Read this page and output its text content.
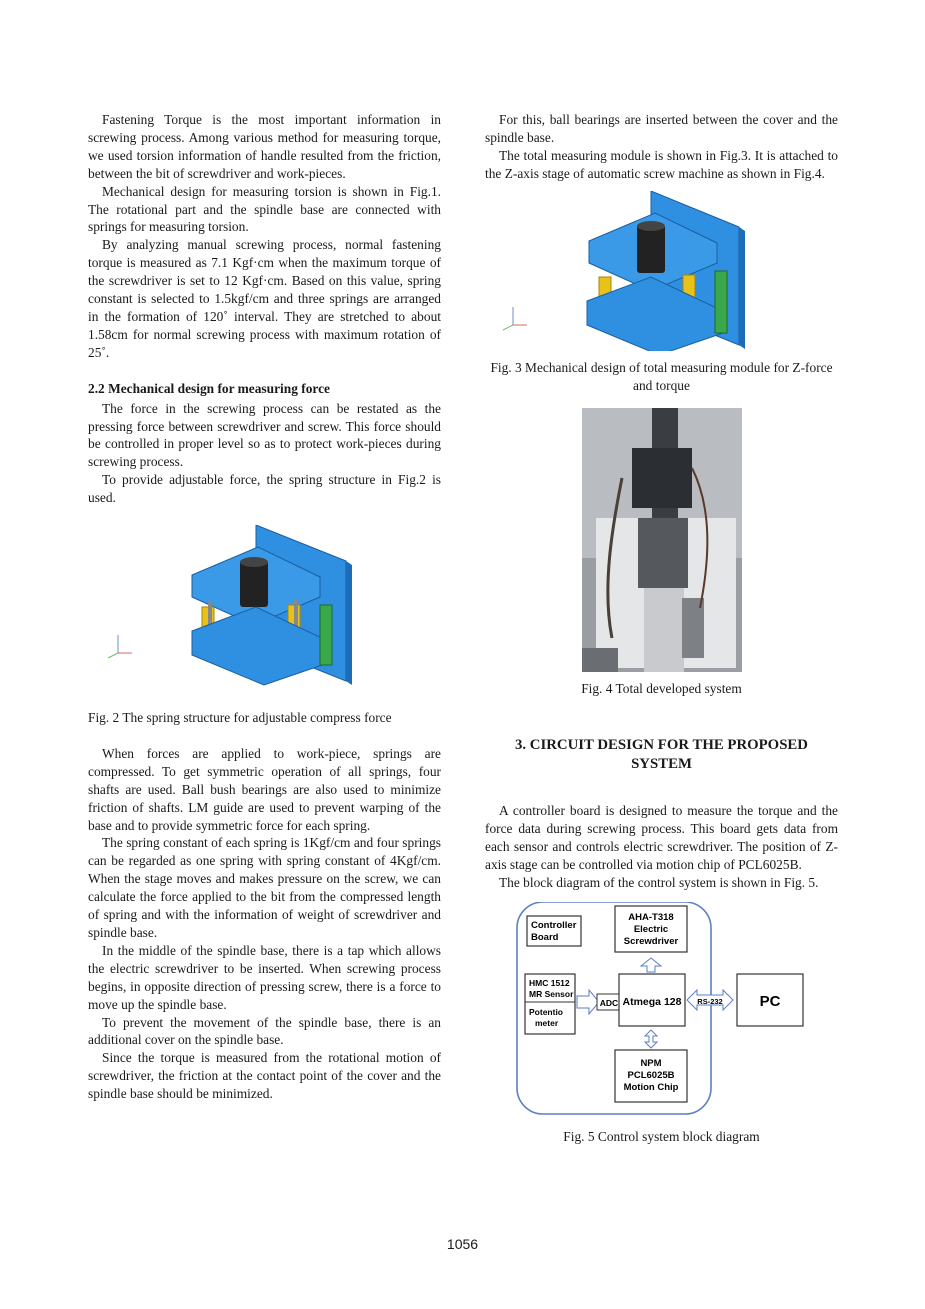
Fastening Torque is the most important information in screwing process. Among various method for measuring torque, we used torsion information of handle resulted from the friction, between the bit of screwdriver and work-pieces.

Mechanical design for measuring torsion is shown in Fig.1. The rotational part and the spindle base are connected with springs for measuring torsion.

By analyzing manual screwing process, normal fastening torque is measured as 7.1 Kgf·cm when the maximum torque of the screwdriver is set to 12 Kgf·cm. Based on this value, spring constant is selected to 1.5kgf/cm and three springs are arranged in the formation of 120˚ interval. They are stretched to about 1.58cm for normal screwing process with maximum rotation of 25˚.

2.2 Mechanical design for measuring force

The force in the screwing process can be restated as the pressing force between screwdriver and screw. This force should be controlled in proper level so as to protect work-pieces during screwing process.

To provide adjustable force, the spring structure in Fig.2 is used.

Fig. 2 The spring structure for adjustable compress force

When forces are applied to work-piece, springs are compressed. To get symmetric operation of all springs, four shafts are used. Ball bush bearings are also used to minimize friction of shafts. LM guide are used to prevent warping of the base and to provide symmetric force for each spring.

The spring constant of each spring is 1Kgf/cm and four springs can be regarded as one spring with spring constant of 4Kgf/cm. When the stage moves and makes pressure on the screw, we can calculate the force applied to the bit from the compressed length of spring and with the information of weight of screwdriver and spindle base.

In the middle of the spindle base, there is a tap which allows the electric screwdriver to be inserted. When screwing process begins, in opposite direction of pressing screw, there is a force to move up the spindle base.

To prevent the movement of the spindle base, there is an additional cover on the spindle base.

Since the torque is measured from the rotational motion of screwdriver, the friction at the contact point of the cover and the spindle base should be minimized.

For this, ball bearings are inserted between the cover and the spindle base.

The total measuring module is shown in Fig.3. It is attached to the Z-axis stage of automatic screw machine as shown in Fig.4.

Fig. 3 Mechanical design of total measuring module for Z-force and torque

Fig. 4 Total developed system

3. CIRCUIT DESIGN FOR THE PROPOSED
SYSTEM

A controller board is designed to measure the torque and the force data during screwing process. This board gets data from each sensor and controls electric screwdriver. The position of Z-axis stage can be controlled via motion chip of PCL6025B.

The block diagram of the control system is shown in Fig. 5.

Controller
Board
AHA-T318
Electric
Screwdriver
HMC 1512
MR Sensor
Potentio
meter
ADC Atmega 128 RS-232 PC
NPM
PCL6025B
Motion Chip

Fig. 5 Control system block diagram

1056
